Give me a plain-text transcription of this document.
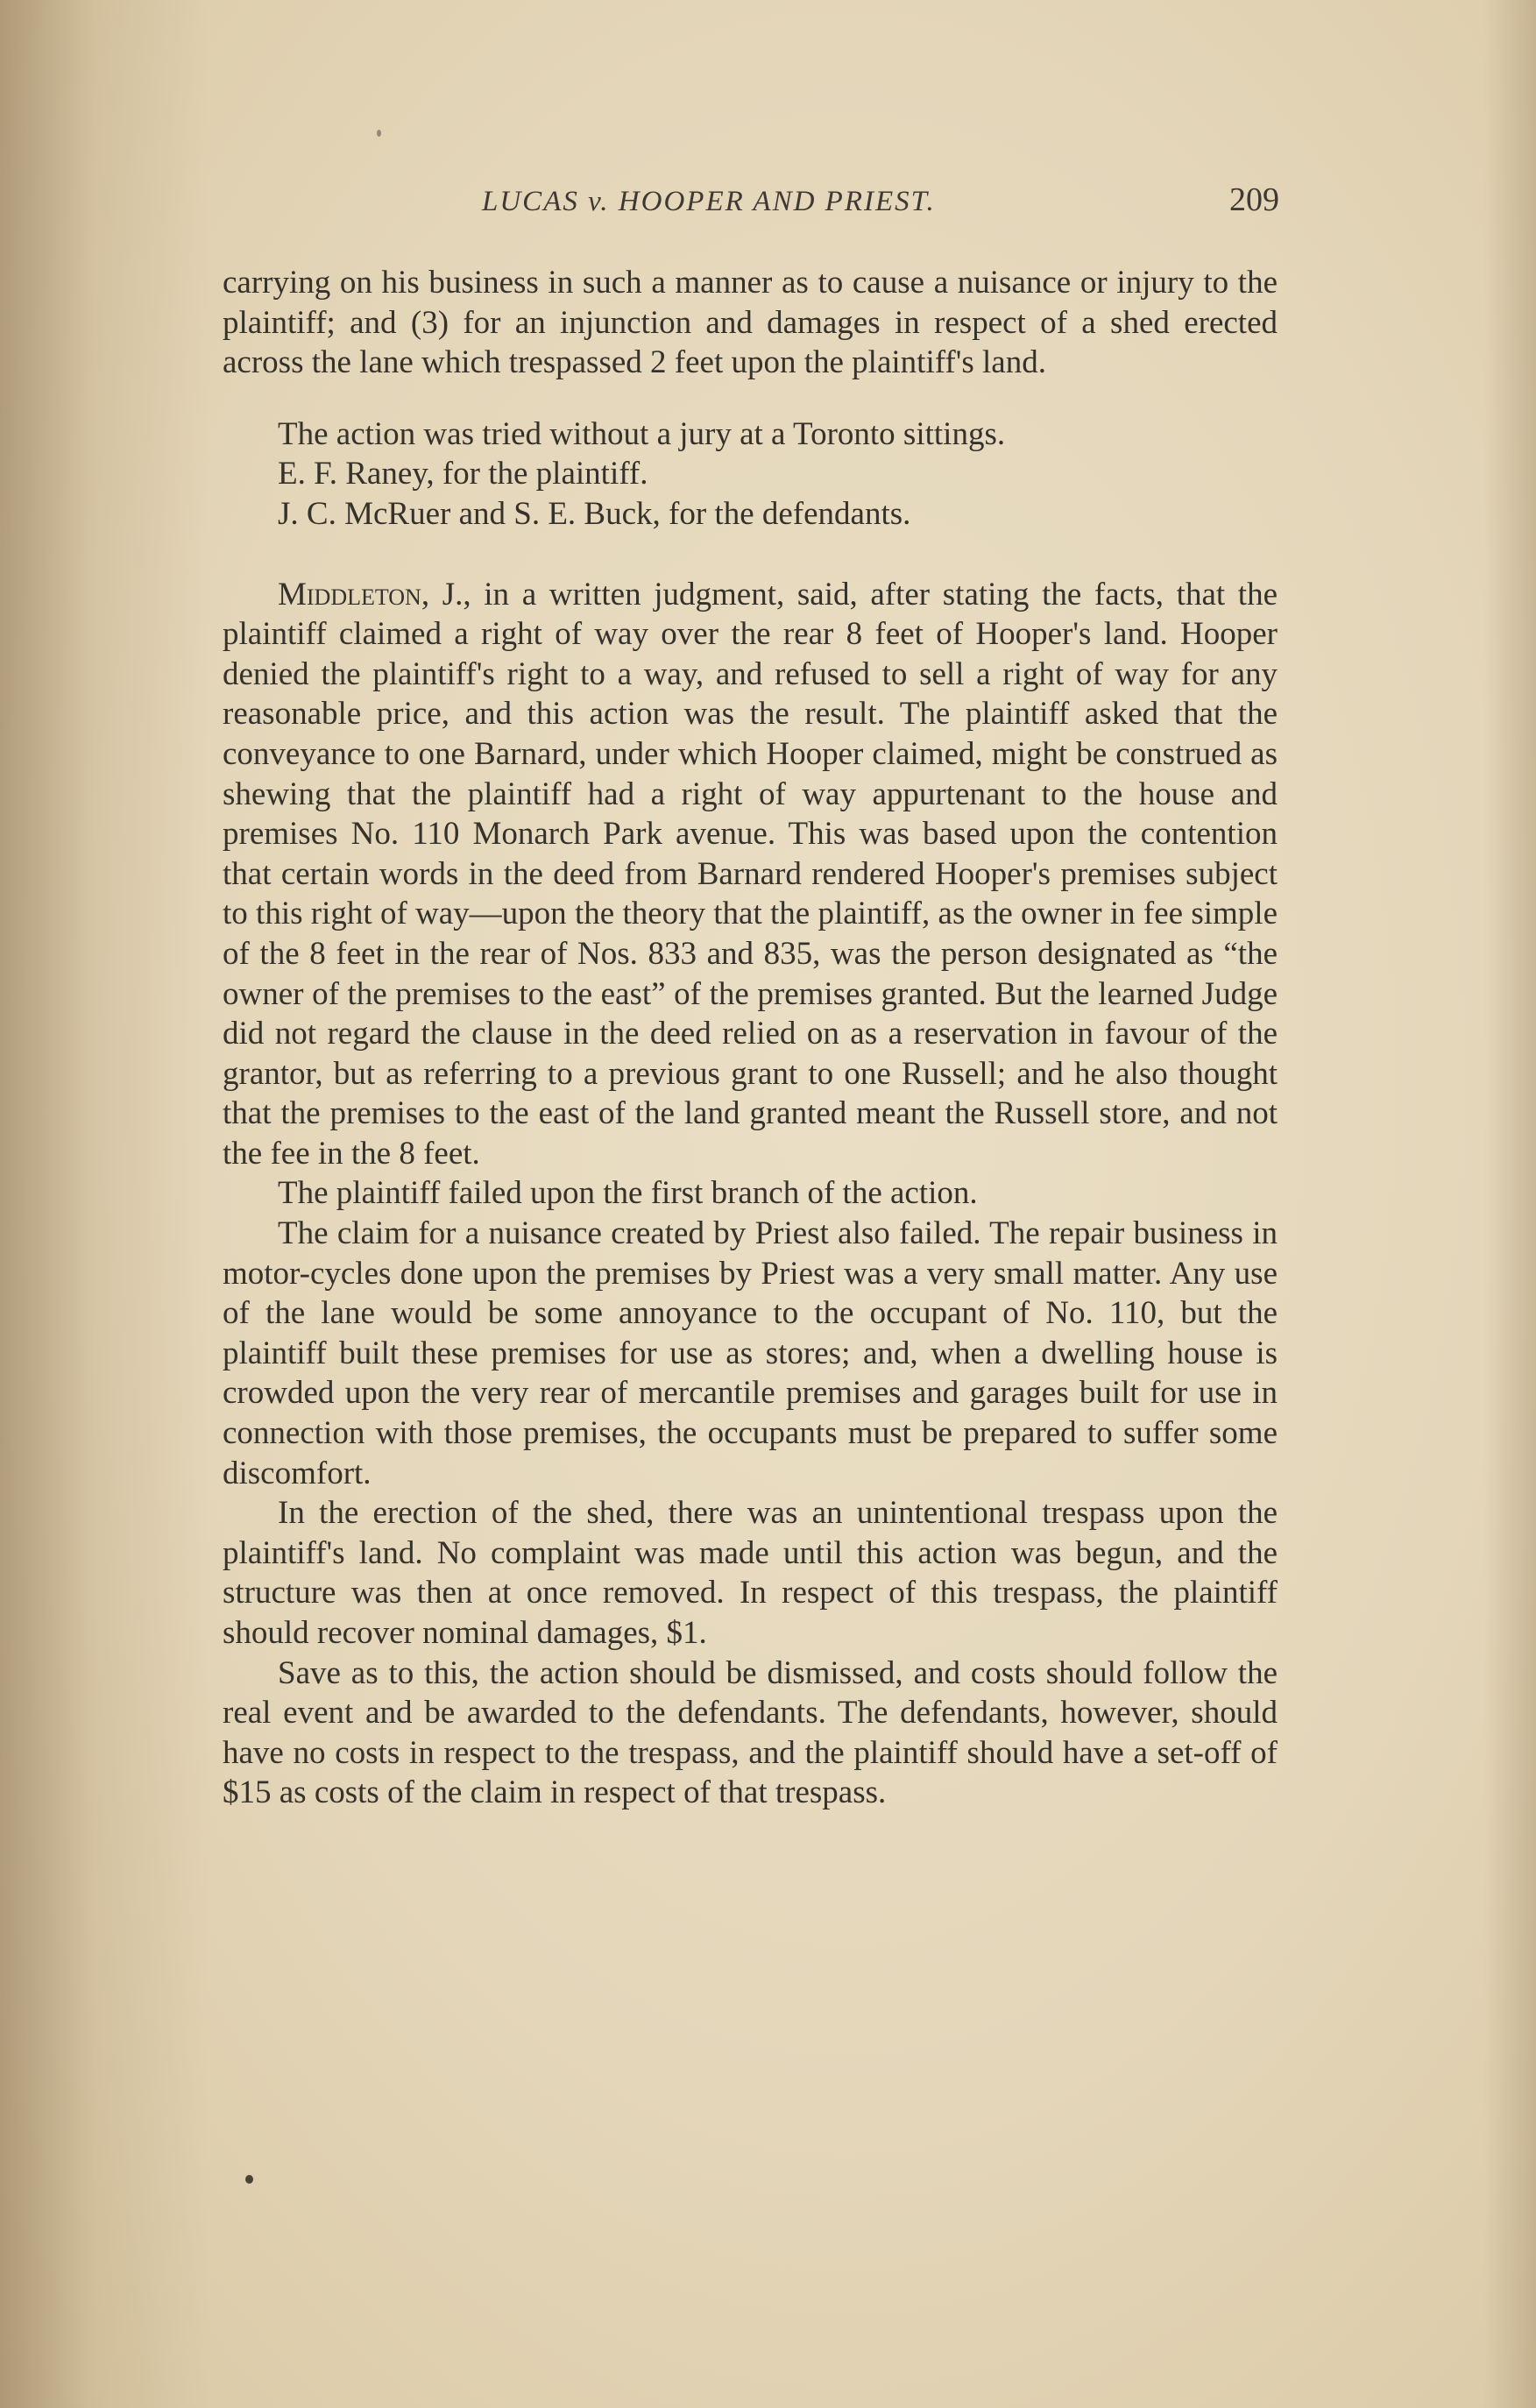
LUCAS v. HOOPER AND PRIEST.	209

carrying on his business in such a manner as to cause a nuisance or injury to the plaintiff; and (3) for an injunction and damages in respect of a shed erected across the lane which trespassed 2 feet upon the plaintiff's land.

The action was tried without a jury at a Toronto sittings.

E. F. Raney, for the plaintiff.

J. C. McRuer and S. E. Buck, for the defendants.

Middleton, J., in a written judgment, said, after stating the facts, that the plaintiff claimed a right of way over the rear 8 feet of Hooper's land. Hooper denied the plaintiff's right to a way, and refused to sell a right of way for any reasonable price, and this action was the result. The plaintiff asked that the conveyance to one Barnard, under which Hooper claimed, might be construed as shewing that the plaintiff had a right of way appurtenant to the house and premises No. 110 Monarch Park avenue. This was based upon the contention that certain words in the deed from Barnard rendered Hooper's premises subject to this right of way—upon the theory that the plaintiff, as the owner in fee simple of the 8 feet in the rear of Nos. 833 and 835, was the person designated as “the owner of the premises to the east” of the premises granted. But the learned Judge did not regard the clause in the deed relied on as a reservation in favour of the grantor, but as referring to a previous grant to one Russell; and he also thought that the premises to the east of the land granted meant the Russell store, and not the fee in the 8 feet.

The plaintiff failed upon the first branch of the action.

The claim for a nuisance created by Priest also failed. The repair business in motor-cycles done upon the premises by Priest was a very small matter. Any use of the lane would be some annoyance to the occupant of No. 110, but the plaintiff built these premises for use as stores; and, when a dwelling house is crowded upon the very rear of mercantile premises and garages built for use in connection with those premises, the occupants must be prepared to suffer some discomfort.

In the erection of the shed, there was an unintentional trespass upon the plaintiff's land. No complaint was made until this action was begun, and the structure was then at once removed. In respect of this trespass, the plaintiff should recover nominal damages, $1.

Save as to this, the action should be dismissed, and costs should follow the real event and be awarded to the defendants. The defendants, however, should have no costs in respect to the trespass, and the plaintiff should have a set-off of $15 as costs of the claim in respect of that trespass.
